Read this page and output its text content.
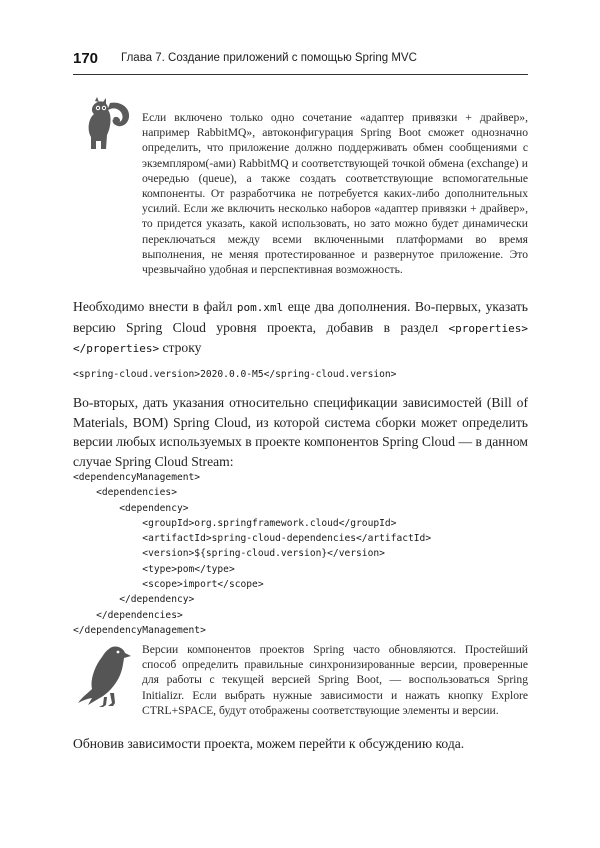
170 Глава 7. Создание приложений с помощью Spring MVC
Если включено только одно сочетание «адаптер привязки + драйвер», например RabbitMQ», автоконфигурация Spring Boot сможет однозначно определить, что приложение должно поддерживать обмен сообщениями с экземпляром(-ами) RabbitMQ и соответствующей точкой обмена (exchange) и очередью (queue), а также создать соответствующие вспомогательные компоненты. От разработчика не потребуется каких-либо дополнительных усилий. Если же включить несколько наборов «адаптер привязки + драйвер», то придется указать, какой использовать, но зато можно будет динамически переключаться между всеми включенными платформами во время выполнения, не меняя протестированное и развернутое приложение. Это чрезвычайно удобная и перспективная возможность.

Необходимо внести в файл pom.xml еще два дополнения. Во-первых, указать версию Spring Cloud уровня проекта, добавив в раздел <properties></properties> строку

<spring-cloud.version>2020.0.0-M5</spring-cloud.version>
Во-вторых, дать указания относительно спецификации зависимостей (Bill of Materials, BOM) Spring Cloud, из которой система сборки может определить версии любых используемых в проекте компонентов Spring Cloud — в данном случае Spring Cloud Stream:
<dependencyManagement>
<dependencies>
<dependency>
<groupId>org.springframework.cloud</groupId>
<artifactId>spring-cloud-dependencies</artifactId>
<version>${spring-cloud.version}</version>
<type>pom</type>
<scope>import</scope>
</dependency>
</dependencies>
</dependencyManagement>
Версии компонентов проектов Spring часто обновляются. Простейший способ определить правильные синхронизированные версии, проверенные для работы с текущей версией Spring Boot, — воспользоваться Spring Initializr. Если выбрать нужные зависимости и нажать кнопку Explore CTRL+SPACE, будут отображены соответствующие элементы и версии.
Обновив зависимости проекта, можем перейти к обсуждению кода.
